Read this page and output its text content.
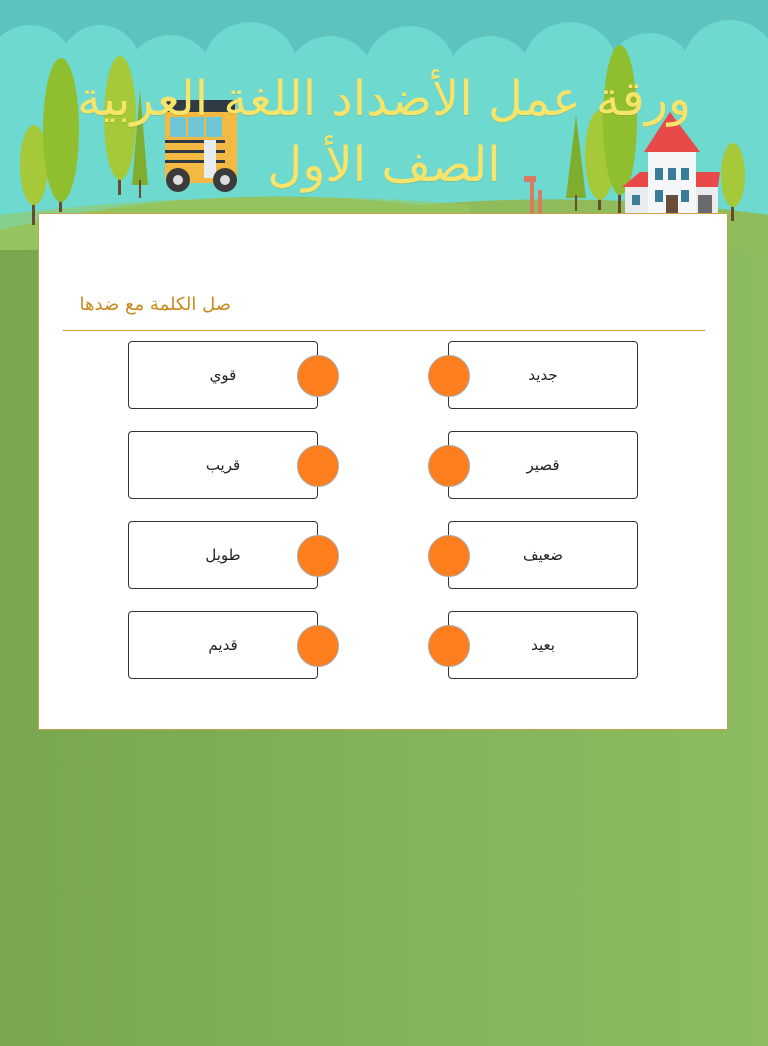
ورقة عمل الأضداد اللغة العربية
الصف الأول
صل الكلمة مع ضدها
قوي
قريب
طويل
قديم
جديد
قصير
ضعيف
بعيد
